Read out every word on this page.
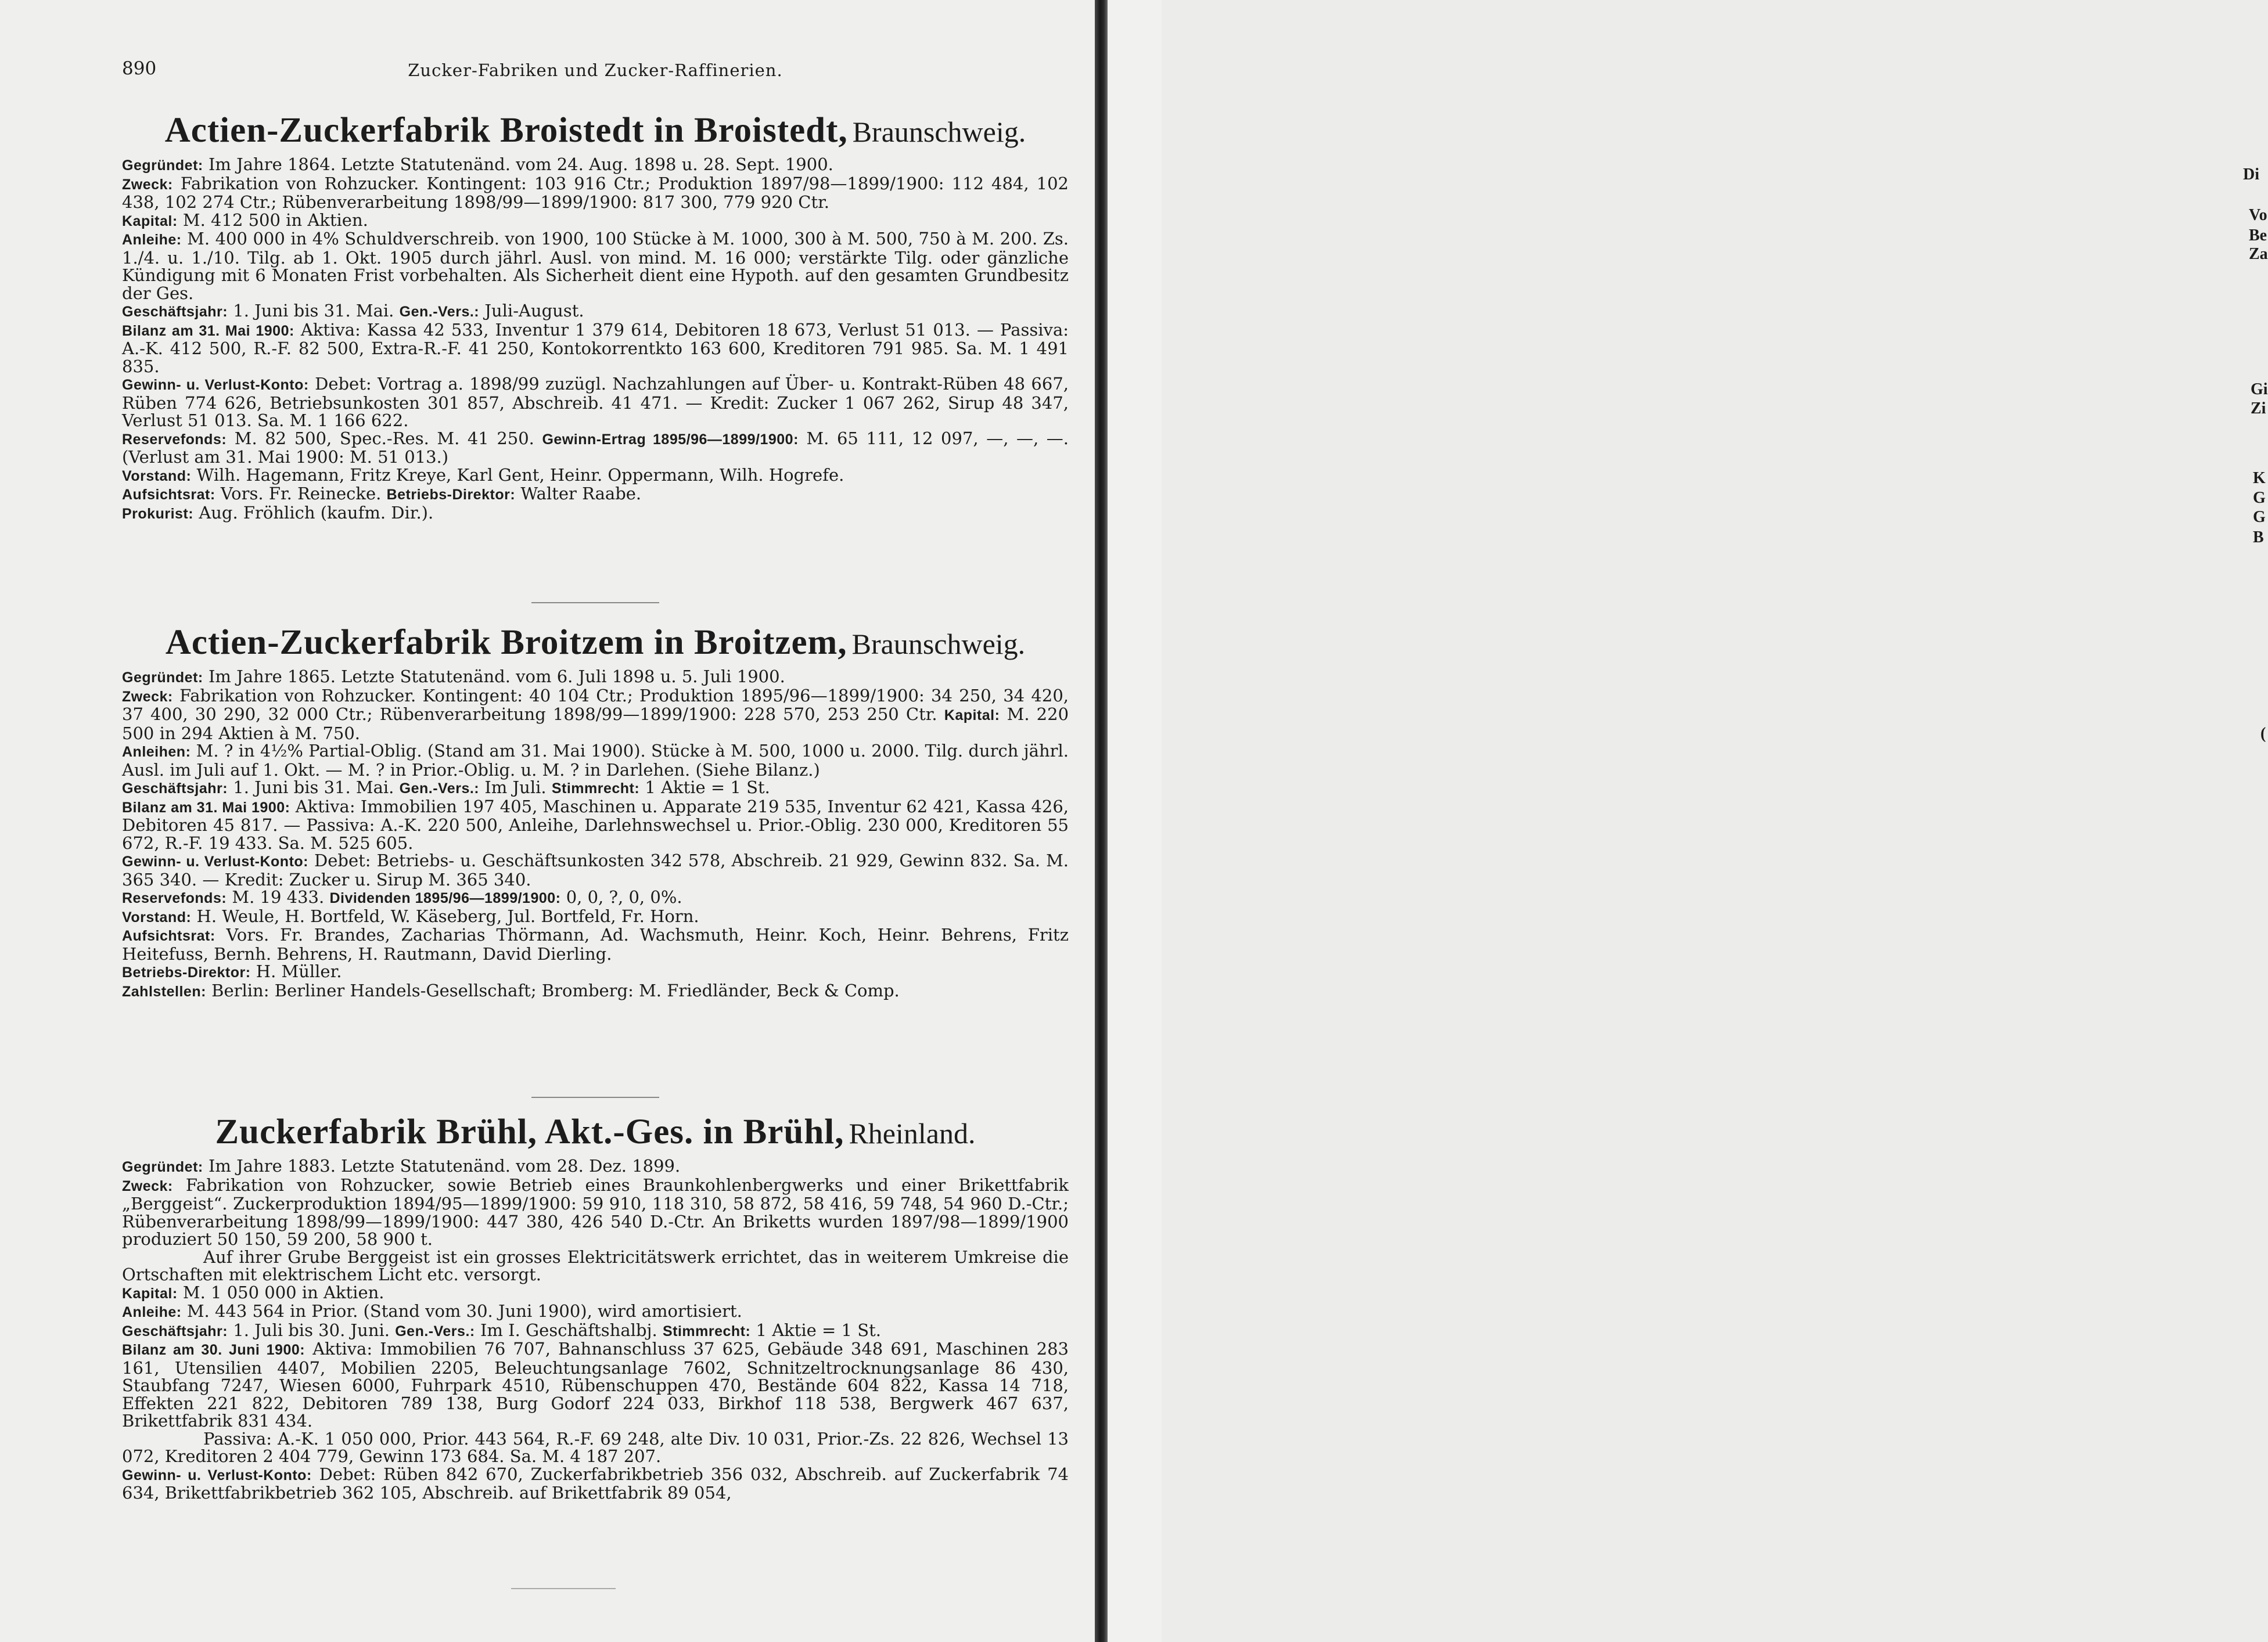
890	Zucker-Fabriken und Zucker-Raffinerien.
Actien-Zuckerfabrik Broistedt in Broistedt, Braunschweig.

Gegründet: Im Jahre 1864. Letzte Statutenänd. vom 24. Aug. 1898 u. 28. Sept. 1900.

Zweck: Fabrikation von Rohzucker. Kontingent: 103 916 Ctr.; Produktion 1897/98—1899/1900: 112 484, 102 438, 102 274 Ctr.; Rübenverarbeitung 1898/99—1899/1900: 817 300, 779 920 Ctr.

Kapital: M. 412 500 in Aktien.

Anleihe: M. 400 000 in 4% Schuldverschreib. von 1900, 100 Stücke à M. 1000, 300 à M. 500, 750 à M. 200. Zs. 1./4. u. 1./10. Tilg. ab 1. Okt. 1905 durch jährl. Ausl. von mind. M. 16 000; verstärkte Tilg. oder gänzliche Kündigung mit 6 Monaten Frist vorbehalten. Als Sicherheit dient eine Hypoth. auf den gesamten Grundbesitz der Ges.

Geschäftsjahr: 1. Juni bis 31. Mai. Gen.-Vers.: Juli-August.

Bilanz am 31. Mai 1900: Aktiva: Kassa 42 533, Inventur 1 379 614, Debitoren 18 673, Verlust 51 013. — Passiva: A.-K. 412 500, R.-F. 82 500, Extra-R.-F. 41 250, Kontokorrentkto 163 600, Kreditoren 791 985. Sa. M. 1 491 835.

Gewinn- u. Verlust-Konto: Debet: Vortrag a. 1898/99 zuzügl. Nachzahlungen auf Über- u. Kontrakt-Rüben 48 667, Rüben 774 626, Betriebsunkosten 301 857, Abschreib. 41 471. — Kredit: Zucker 1 067 262, Sirup 48 347, Verlust 51 013. Sa. M. 1 166 622.

Reservefonds: M. 82 500, Spec.-Res. M. 41 250. Gewinn-Ertrag 1895/96—1899/1900: M. 65 111, 12 097, —, —, —. (Verlust am 31. Mai 1900: M. 51 013.)

Vorstand: Wilh. Hagemann, Fritz Kreye, Karl Gent, Heinr. Oppermann, Wilh. Hogrefe.

Aufsichtsrat: Vors. Fr. Reinecke. Betriebs-Direktor: Walter Raabe.

Prokurist: Aug. Fröhlich (kaufm. Dir.).

Actien-Zuckerfabrik Broitzem in Broitzem, Braunschweig.

Gegründet: Im Jahre 1865. Letzte Statutenänd. vom 6. Juli 1898 u. 5. Juli 1900.

Zweck: Fabrikation von Rohzucker. Kontingent: 40 104 Ctr.; Produktion 1895/96—1899/1900: 34 250, 34 420, 37 400, 30 290, 32 000 Ctr.; Rübenverarbeitung 1898/99—1899/1900: 228 570, 253 250 Ctr. Kapital: M. 220 500 in 294 Aktien à M. 750.

Anleihen: M. ? in 4½% Partial-Oblig. (Stand am 31. Mai 1900). Stücke à M. 500, 1000 u. 2000. Tilg. durch jährl. Ausl. im Juli auf 1. Okt. — M. ? in Prior.-Oblig. u. M. ? in Darlehen. (Siehe Bilanz.)

Geschäftsjahr: 1. Juni bis 31. Mai. Gen.-Vers.: Im Juli. Stimmrecht: 1 Aktie = 1 St.

Bilanz am 31. Mai 1900: Aktiva: Immobilien 197 405, Maschinen u. Apparate 219 535, Inventur 62 421, Kassa 426, Debitoren 45 817. — Passiva: A.-K. 220 500, Anleihe, Darlehnswechsel u. Prior.-Oblig. 230 000, Kreditoren 55 672, R.-F. 19 433. Sa. M. 525 605.

Gewinn- u. Verlust-Konto: Debet: Betriebs- u. Geschäftsunkosten 342 578, Abschreib. 21 929, Gewinn 832. Sa. M. 365 340. — Kredit: Zucker u. Sirup M. 365 340.

Reservefonds: M. 19 433. Dividenden 1895/96—1899/1900: 0, 0, ?, 0, 0%.

Vorstand: H. Weule, H. Bortfeld, W. Käseberg, Jul. Bortfeld, Fr. Horn.

Aufsichtsrat: Vors. Fr. Brandes, Zacharias Thörmann, Ad. Wachsmuth, Heinr. Koch, Heinr. Behrens, Fritz Heitefuss, Bernh. Behrens, H. Rautmann, David Dierling.

Betriebs-Direktor: H. Müller.

Zahlstellen: Berlin: Berliner Handels-Gesellschaft; Bromberg: M. Friedländer, Beck & Comp.

Zuckerfabrik Brühl, Akt.-Ges. in Brühl, Rheinland.

Gegründet: Im Jahre 1883. Letzte Statutenänd. vom 28. Dez. 1899.

Zweck: Fabrikation von Rohzucker, sowie Betrieb eines Braunkohlenbergwerks und einer Brikettfabrik „Berggeist“. Zuckerproduktion 1894/95—1899/1900: 59 910, 118 310, 58 872, 58 416, 59 748, 54 960 D.-Ctr.; Rübenverarbeitung 1898/99—1899/1900: 447 380, 426 540 D.-Ctr. An Briketts wurden 1897/98—1899/1900 produziert 50 150, 59 200, 58 900 t.

Auf ihrer Grube Berggeist ist ein grosses Elektricitätswerk errichtet, das in weiterem Umkreise die Ortschaften mit elektrischem Licht etc. versorgt.

Kapital: M. 1 050 000 in Aktien.

Anleihe: M. 443 564 in Prior. (Stand vom 30. Juni 1900), wird amortisiert.

Geschäftsjahr: 1. Juli bis 30. Juni. Gen.-Vers.: Im I. Geschäftshalbj. Stimmrecht: 1 Aktie = 1 St.

Bilanz am 30. Juni 1900: Aktiva: Immobilien 76 707, Bahnanschluss 37 625, Gebäude 348 691, Maschinen 283 161, Utensilien 4407, Mobilien 2205, Beleuchtungsanlage 7602, Schnitzeltrocknungsanlage 86 430, Staubfang 7247, Wiesen 6000, Fuhrpark 4510, Rübenschuppen 470, Bestände 604 822, Kassa 14 718, Effekten 221 822, Debitoren 789 138, Burg Godorf 224 033, Birkhof 118 538, Bergwerk 467 637, Brikettfabrik 831 434.

Passiva: A.-K. 1 050 000, Prior. 443 564, R.-F. 69 248, alte Div. 10 031, Prior.-Zs. 22 826, Wechsel 13 072, Kreditoren 2 404 779, Gewinn 173 684. Sa. M. 4 187 207.

Gewinn- u. Verlust-Konto: Debet: Rüben 842 670, Zuckerfabrikbetrieb 356 032, Abschreib. auf Zuckerfabrik 74 634, Brikettfabrikbetrieb 362 105, Abschreib. auf Brikettfabrik 89 054,

Di
Vo
Be
Za
Gi
Zi
K
G
G
B
(
